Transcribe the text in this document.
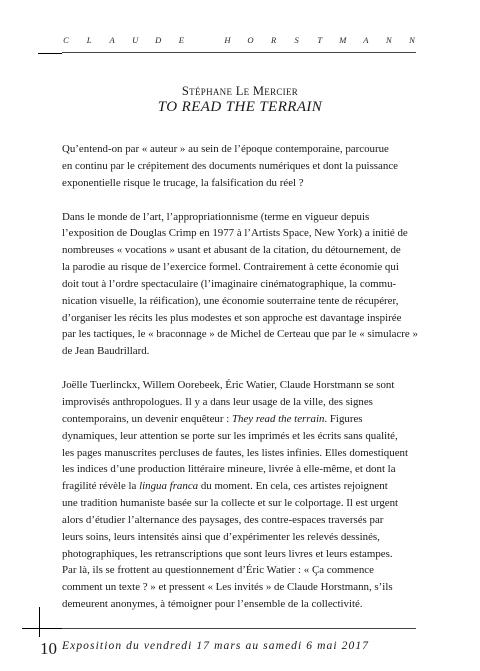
C L A U D E	H O R S T M A N N
Stéphane Le Mercier
TO READ THE TERRAIN

Qu’entend-on par « auteur » au sein de l’époque contemporaine, parcourue
en continu par le crépitement des documents numériques et dont la puissance
exponentielle risque le trucage, la falsification du réel ?

Dans le monde de l’art, l’appropriationnisme (terme en vigueur depuis
l’exposition de Douglas Crimp en 1977 à l’Artists Space, New York) a initié de
nombreuses « vocations » usant et abusant de la citation, du détournement, de
la parodie au risque de l’exercice formel. Contrairement à cette économie qui
doit tout à l’ordre spectaculaire (l’imaginaire cinématographique, la commu-
nication visuelle, la réification), une économie souterraine tente de récupérer,
d’organiser les récits les plus modestes et son approche est davantage inspirée
par les tactiques, le « braconnage » de Michel de Certeau que par le « simulacre »
de Jean Baudrillard.

Joëlle Tuerlinckx, Willem Oorebeek, Éric Watier, Claude Horstmann se sont
improvisés anthropologues. Il y a dans leur usage de la ville, des signes
contemporains, un devenir enquêteur : They read the terrain. Figures
dynamiques, leur attention se porte sur les imprimés et les écrits sans qualité,
les pages manuscrites percluses de fautes, les listes infinies. Elles domestiquent
les indices d’une production littéraire mineure, livrée à elle-même, et dont la
fragilité révèle la lingua franca du moment. En cela, ces artistes rejoignent
une tradition humaniste basée sur la collecte et sur le colportage. Il est urgent
alors d’étudier l’alternance des paysages, des contre-espaces traversés par
leurs soins, leurs intensités ainsi que d’expérimenter les relevés dessinés,
photographiques, les retranscriptions que sont leurs livres et leurs estampes.
Par là, ils se frottent au questionnement d’Éric Watier : « Ça commence
comment un texte ? » et pressent « Les invités » de Claude Horstmann, s’ils
demeurent anonymes, à témoigner pour l’ensemble de la collectivité.

10 Exposition du vendredi 17 mars au samedi 6 mai 2017
